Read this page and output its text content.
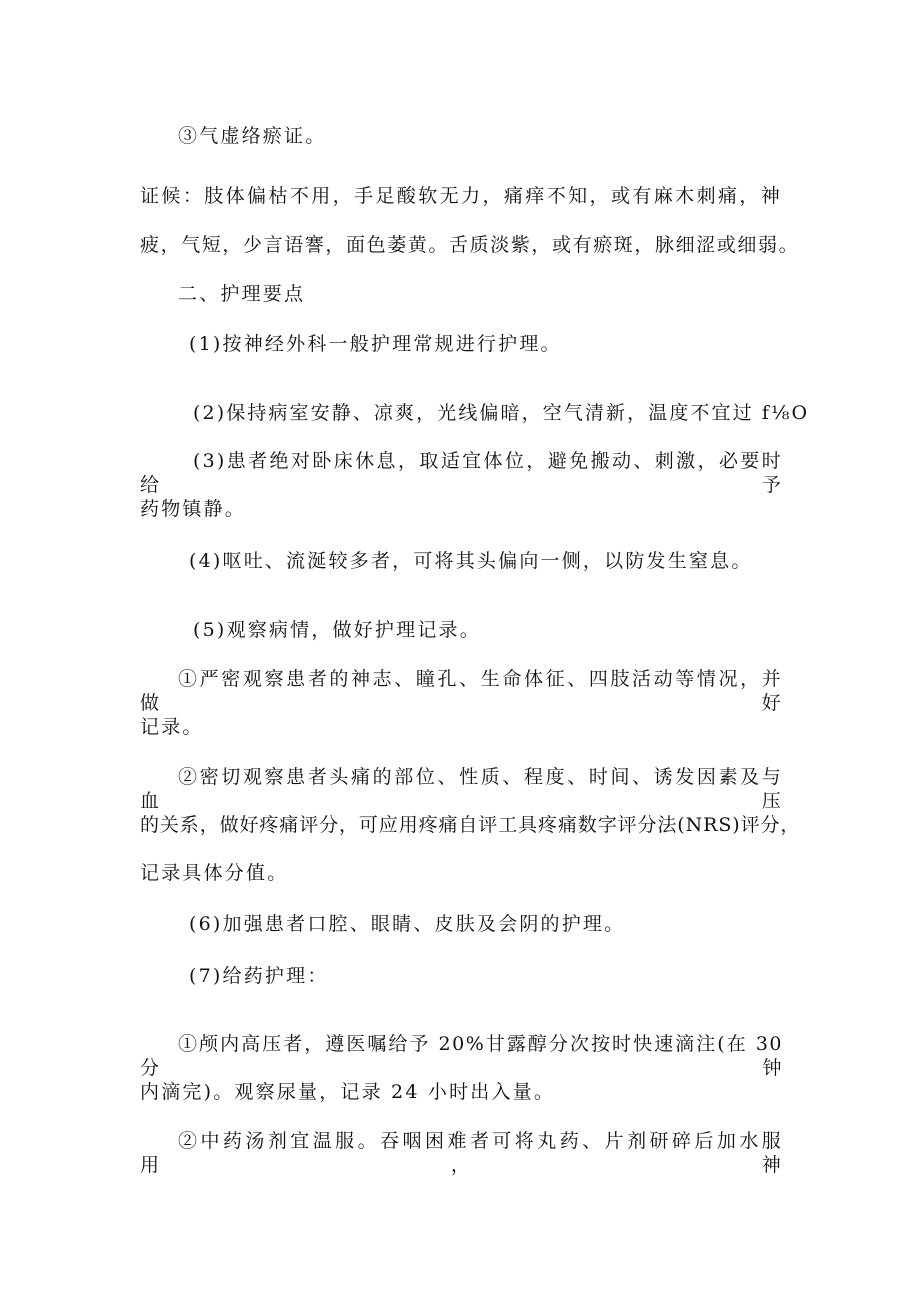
③气虚络瘀证。
证候：肢体偏枯不用，手足酸软无力，痛痒不知，或有麻木刺痛，神
疲，气短，少言语謇，面色萎黄。舌质淡紫，或有瘀斑，脉细涩或细弱。
二、护理要点
(1)按神经外科一般护理常规进行护理。
(2)保持病室安静、凉爽，光线偏暗，空气清新，温度不宜过 f⅛O
(3)患者绝对卧床休息，取适宜体位，避免搬动、刺激，必要时给予
药物镇静。
(4)呕吐、流涎较多者，可将其头偏向一侧，以防发生窒息。
(5)观察病情，做好护理记录。
①严密观察患者的神志、瞳孔、生命体征、四肢活动等情况，并做好
记录。
②密切观察患者头痛的部位、性质、程度、时间、诱发因素及与血压
的关系，做好疼痛评分，可应用疼痛自评工具疼痛数字评分法(NRS)评分，
记录具体分值。
(6)加强患者口腔、眼睛、皮肤及会阴的护理。
(7)给药护理：
①颅内高压者，遵医嘱给予 20%甘露醇分次按时快速滴注(在 30 分钟
内滴完)。观察尿量，记录 24 小时出入量。
②中药汤剂宜温服。吞咽困难者可将丸药、片剂研碎后加水服用，神
